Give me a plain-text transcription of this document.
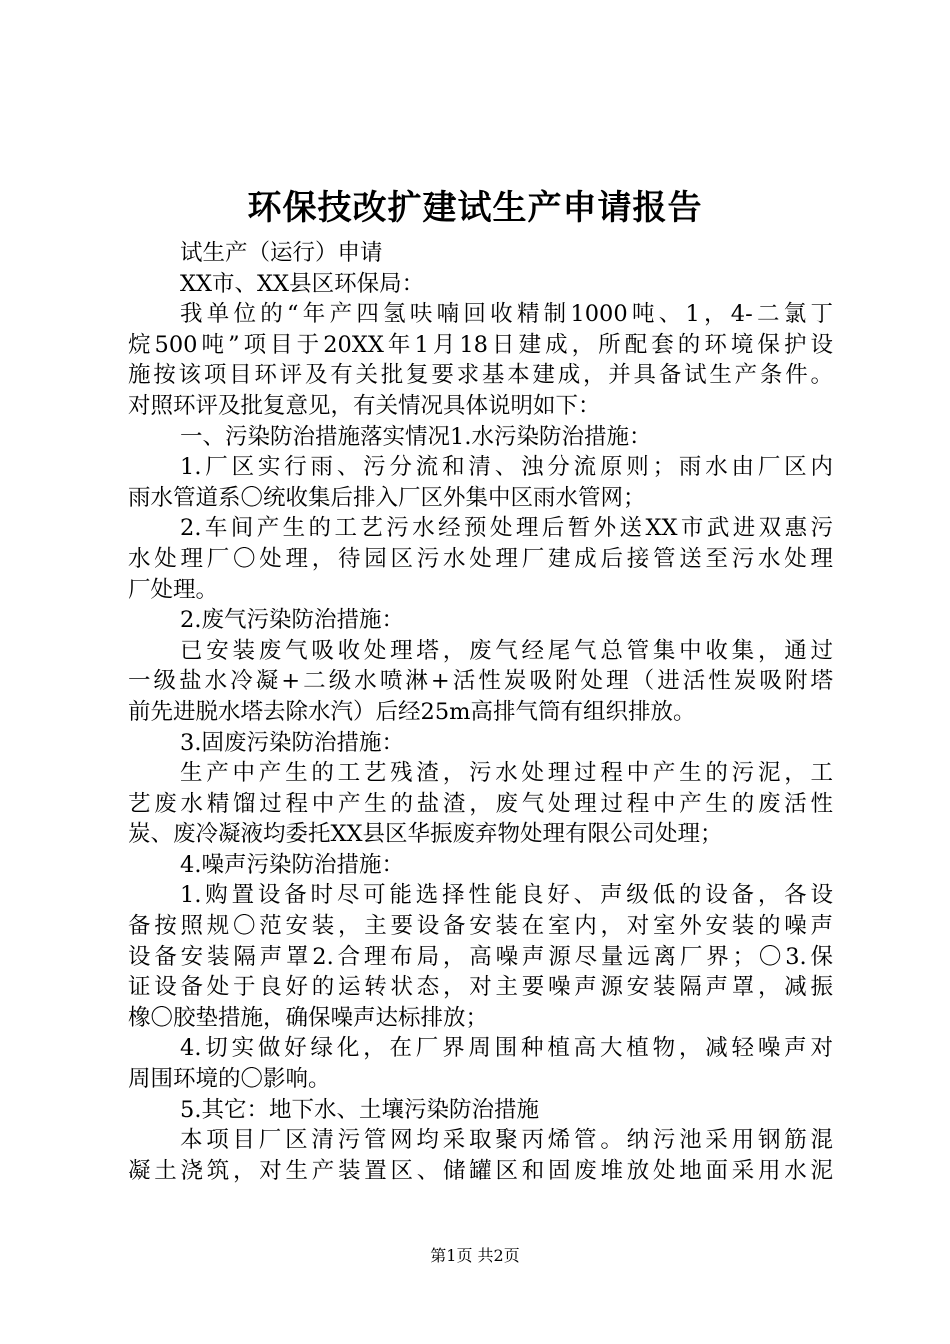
环保技改扩建试生产申请报告
试生产（运行）申请
XX市、XX县区环保局：
我单位的“年产四氢呋喃回收精制1000吨、1，4-二氯丁
烷500吨”项目于20XX年1月18日建成，所配套的环境保护设
施按该项目环评及有关批复要求基本建成，并具备试生产条件。
对照环评及批复意见，有关情况具体说明如下：
一、污染防治措施落实情况1.水污染防治措施：
1.厂区实行雨、污分流和清、浊分流原则；雨水由厂区内
雨水管道系〇统收集后排入厂区外集中区雨水管网；
2.车间产生的工艺污水经预处理后暂外送XX市武进双惠污
水处理厂〇处理，待园区污水处理厂建成后接管送至污水处理
厂处理。
2.废气污染防治措施：
已安装废气吸收处理塔，废气经尾气总管集中收集，通过
一级盐水冷凝+二级水喷淋+活性炭吸附处理（进活性炭吸附塔
前先进脱水塔去除水汽）后经25m高排气筒有组织排放。
3.固废污染防治措施：
生产中产生的工艺残渣，污水处理过程中产生的污泥，工
艺废水精馏过程中产生的盐渣，废气处理过程中产生的废活性
炭、废冷凝液均委托XX县区华振废弃物处理有限公司处理；
4.噪声污染防治措施：
1.购置设备时尽可能选择性能良好、声级低的设备，各设
备按照规〇范安装，主要设备安装在室内，对室外安装的噪声
设备安装隔声罩2.合理布局，高噪声源尽量远离厂界；〇3.保
证设备处于良好的运转状态，对主要噪声源安装隔声罩，减振
橡〇胶垫措施，确保噪声达标排放；
4.切实做好绿化，在厂界周围种植高大植物，减轻噪声对
周围环境的〇影响。
5.其它：地下水、土壤污染防治措施
本项目厂区清污管网均采取聚丙烯管。纳污池采用钢筋混
凝土浇筑，对生产装置区、储罐区和固废堆放处地面采用水泥
第1页 共2页
